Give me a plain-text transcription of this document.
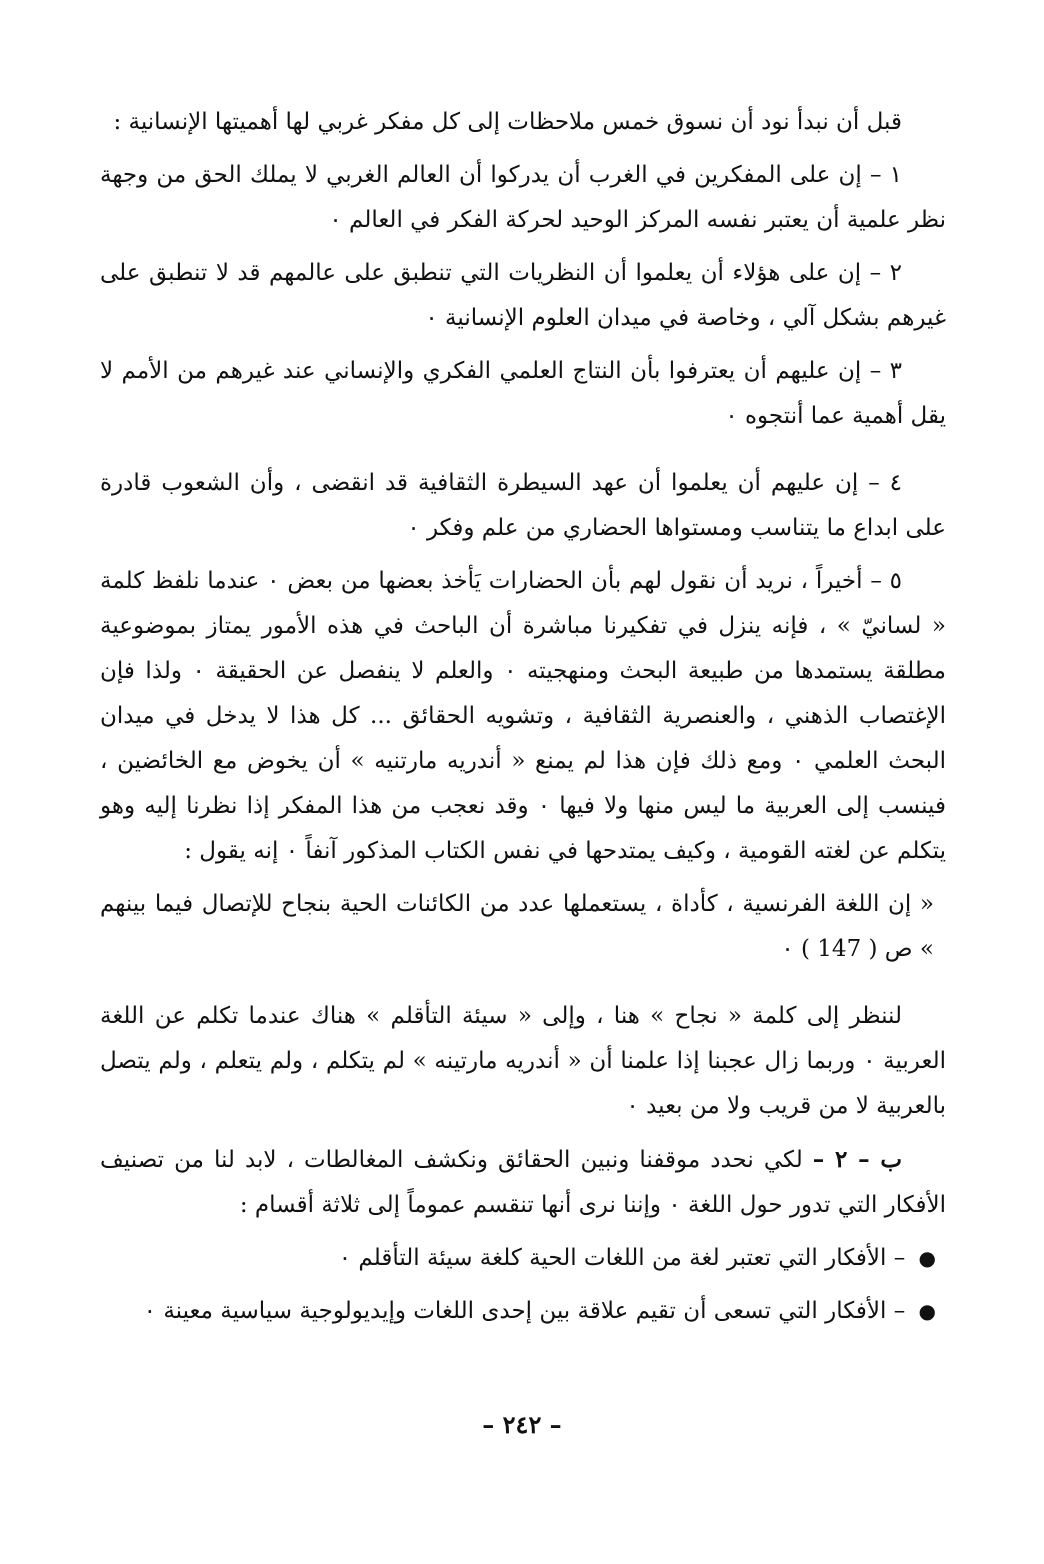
قبل أن نبدأ نود أن نسوق خمس ملاحظات إلى كل مفكر غربي لها أهميتها الإنسانية :

١ – إن على المفكرين في الغرب أن يدركوا أن العالم الغربي لا يملك الحق من وجهة نظر علمية أن يعتبر نفسه المركز الوحيد لحركة الفكر في العالم ٠

٢ – إن على هؤلاء أن يعلموا أن النظريات التي تنطبق على عالمهم قد لا تنطبق على غيرهم بشكل آلي ، وخاصة في ميدان العلوم الإنسانية ٠

٣ – إن عليهم أن يعترفوا بأن النتاج العلمي الفكري والإنساني عند غيرهم من الأمم لا يقل أهمية عما أنتجوه ٠

٤ – إن عليهم أن يعلموا أن عهد السيطرة الثقافية قد انقضى ، وأن الشعوب قادرة على ابداع ما يتناسب ومستواها الحضاري من علم وفكر ٠

٥ – أخيراً ، نريد أن نقول لهم بأن الحضارات يَأخذ بعضها من بعض ٠ عندما نلفظ كلمة « لسانيّ » ، فإنه ينزل في تفكيرنا مباشرة أن الباحث في هذه الأمور يمتاز بموضوعية مطلقة يستمدها من طبيعة البحث ومنهجيته ٠ والعلم لا ينفصل عن الحقيقة ٠ ولذا فإن الإغتصاب الذهني ، والعنصرية الثقافية ، وتشويه الحقائق ... كل هذا لا يدخل في ميدان البحث العلمي ٠ ومع ذلك فإن هذا لم يمنع « أندريه مارتنيه » أن يخوض مع الخائضين ، فينسب إلى العربية ما ليس منها ولا فيها ٠ وقد نعجب من هذا المفكر إذا نظرنا إليه وهو يتكلم عن لغته القومية ، وكيف يمتدحها في نفس الكتاب المذكور آنفاً ٠ إنه يقول :

« إن اللغة الفرنسية ، كأداة ، يستعملها عدد من الكائنات الحية بنجاح للإتصال فيما بينهم » ص ( 147 ) ٠

لننظر إلى كلمة « نجاح » هنا ، وإلى « سيئة التأقلم » هناك عندما تكلم عن اللغة العربية ٠ وربما زال عجبنا إذا علمنا أن « أندريه مارتينه » لم يتكلم ، ولم يتعلم ، ولم يتصل بالعربية لا من قريب ولا من بعيد ٠

ب – ٢ – لكي نحدد موقفنا ونبين الحقائق ونكشف المغالطات ، لابد لنا من تصنيف الأفكار التي تدور حول اللغة ٠ وإننا نرى أنها تنقسم عموماً إلى ثلاثة أقسام :

● – الأفكار التي تعتبر لغة من اللغات الحية كلغة سيئة التأقلم ٠

● – الأفكار التي تسعى أن تقيم علاقة بين إحدى اللغات وإيديولوجية سياسية معينة ٠

– ٢٤٢ –
